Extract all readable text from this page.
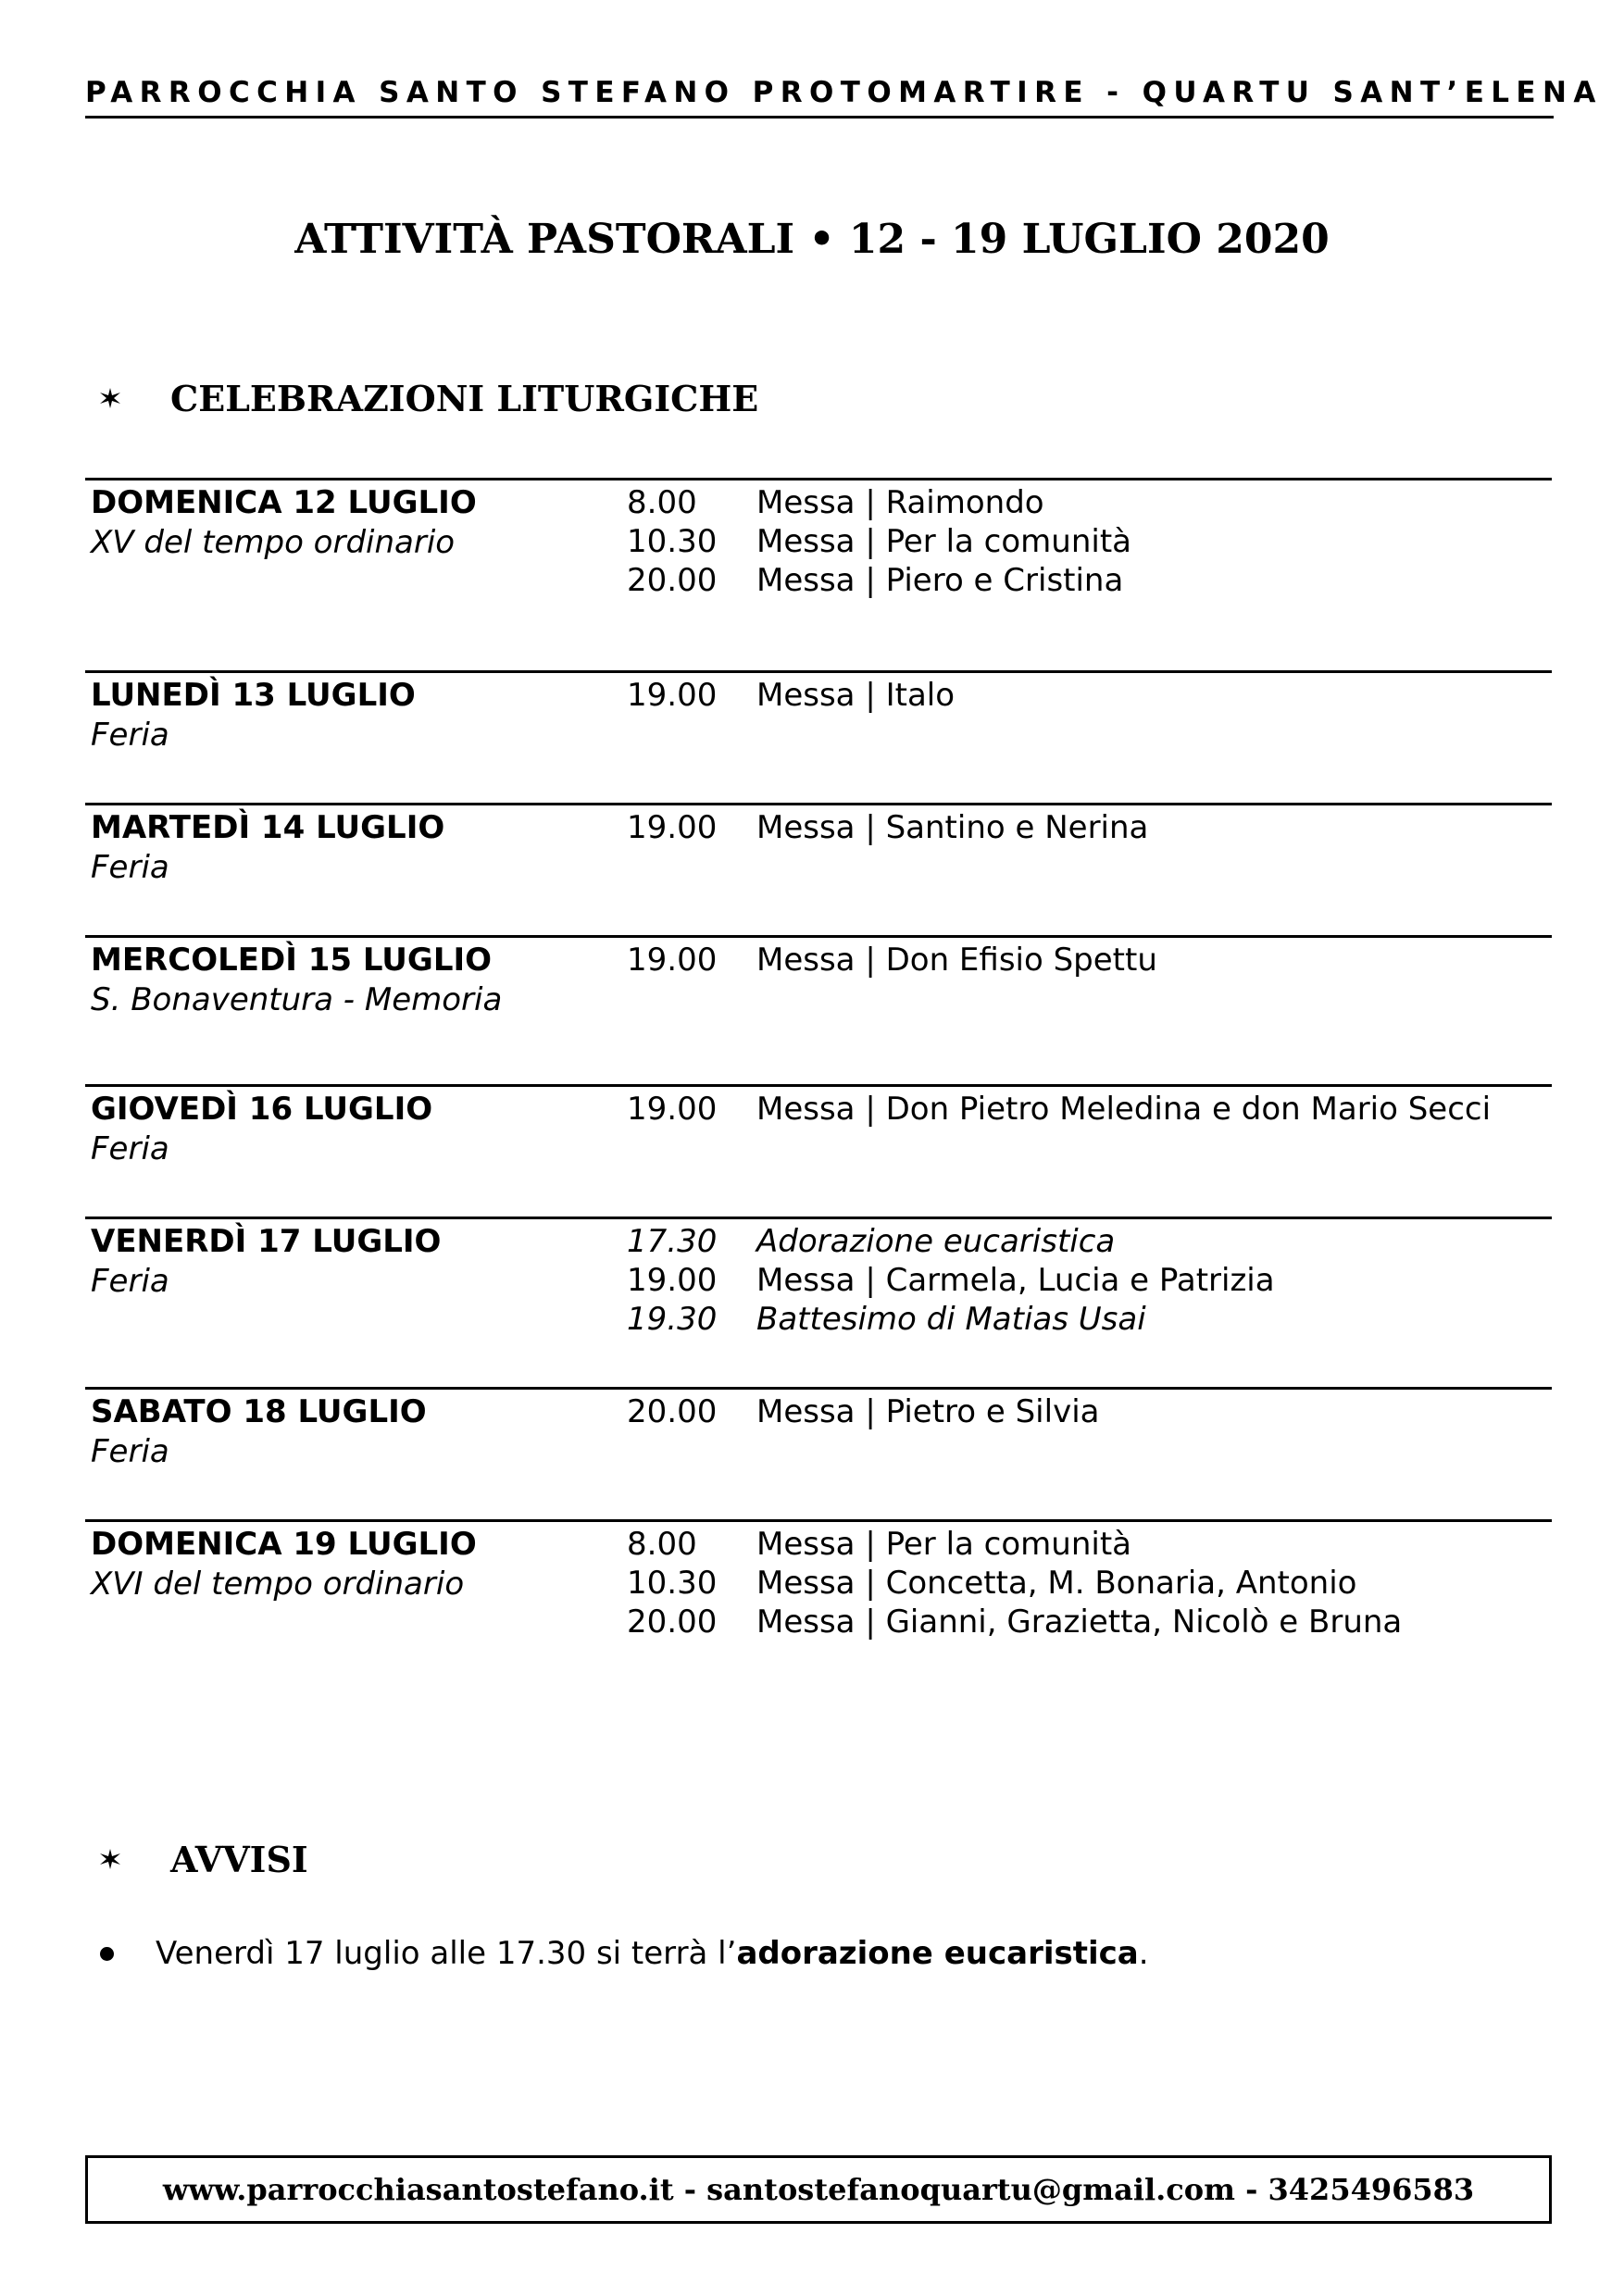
PARROCCHIA SANTO STEFANO PROTOMARTIRE - QUARTU SANT’ELENA
ATTIVITÀ PASTORALI • 12 - 19 LUGLIO 2020
CELEBRAZIONI LITURGICHE
DOMENICA 12 LUGLIO
XV del tempo ordinario
8.00	Messa | Raimondo
10.30	Messa | Per la comunità
20.00	Messa | Piero e Cristina
LUNEDÌ 13 LUGLIO
Feria
19.00	Messa | Italo
MARTEDÌ 14 LUGLIO
Feria
19.00	Messa | Santino e Nerina
MERCOLEDÌ 15 LUGLIO
S. Bonaventura - Memoria
19.00	Messa | Don Efisio Spettu
GIOVEDÌ 16 LUGLIO
Feria
19.00	Messa | Don Pietro Meledina e don Mario Secci
VENERDÌ 17 LUGLIO
Feria
17.30	Adorazione eucaristica
19.00	Messa | Carmela, Lucia e Patrizia
19.30	Battesimo di Matias Usai
SABATO 18 LUGLIO
Feria
20.00	Messa | Pietro e Silvia
DOMENICA 19 LUGLIO
XVI del tempo ordinario
8.00	Messa | Per la comunità
10.30	Messa | Concetta, M. Bonaria, Antonio
20.00	Messa | Gianni, Grazietta, Nicolò e Bruna
AVVISI
Venerdì 17 luglio alle 17.30 si terrà l’ adorazione eucaristica .
www.parrocchiasantostefano.it - santostefanoquartu@gmail.com - 3425496583
